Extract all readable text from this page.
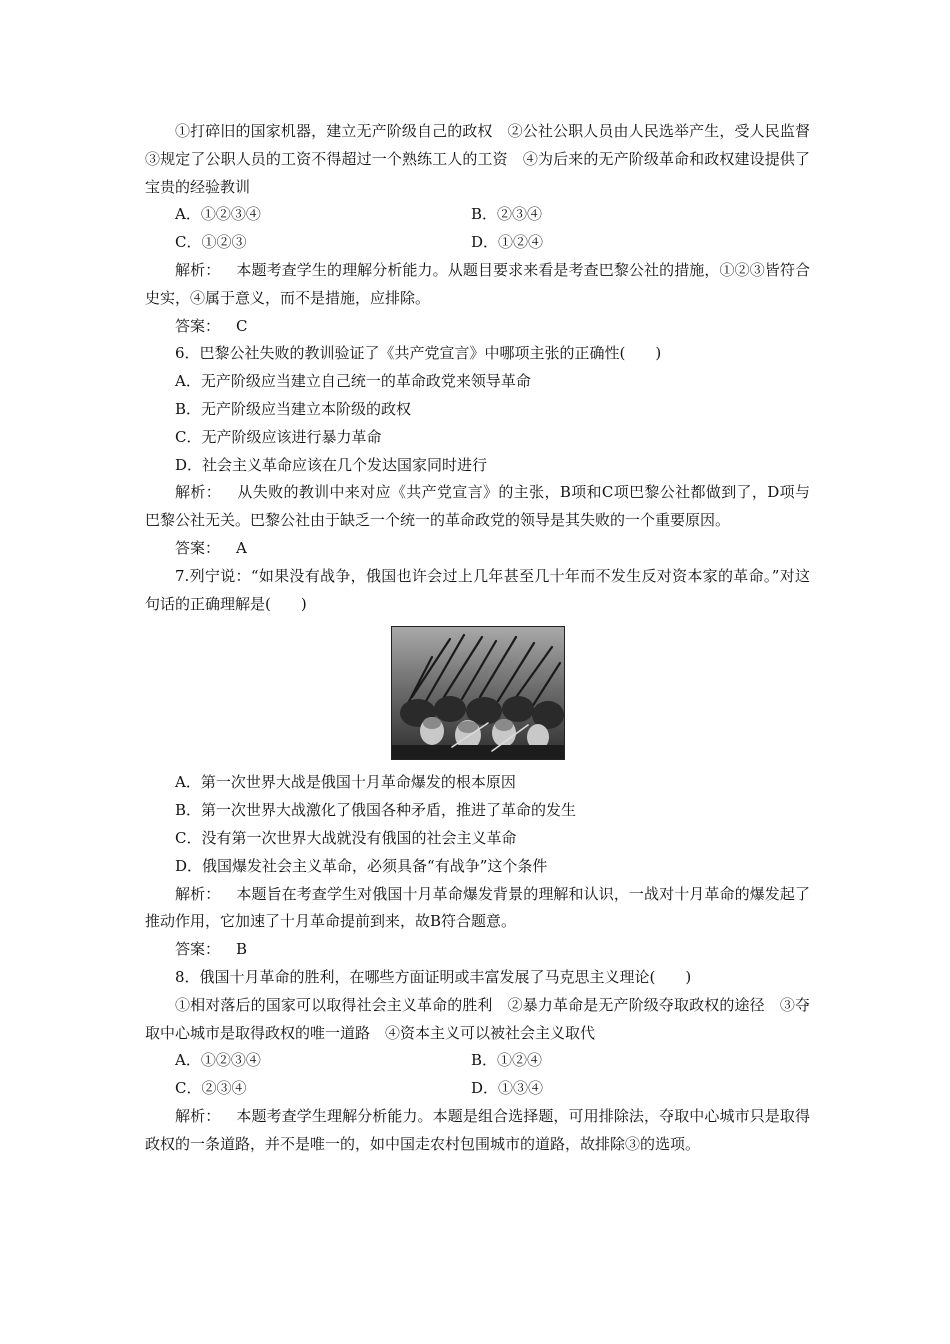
①打碎旧的国家机器，建立无产阶级自己的政权　②公社公职人员由人民选举产生，受人民监督　③规定了公职人员的工资不得超过一个熟练工人的工资　④为后来的无产阶级革命和政权建设提供了宝贵的经验教训

A．①②③④	B．②③④
C．①②③	D．①②④

解析： 本题考查学生的理解分析能力。从题目要求来看是考查巴黎公社的措施，①②③皆符合史实，④属于意义，而不是措施，应排除。

答案： C

6．巴黎公社失败的教训验证了《共产党宣言》中哪项主张的正确性(　　)

A．无产阶级应当建立自己统一的革命政党来领导革命

B．无产阶级应当建立本阶级的政权

C．无产阶级应该进行暴力革命

D．社会主义革命应该在几个发达国家同时进行

解析： 从失败的教训中来对应《共产党宣言》的主张，B项和C项巴黎公社都做到了，D项与巴黎公社无关。巴黎公社由于缺乏一个统一的革命政党的领导是其失败的一个重要原因。

答案： A

7.列宁说：“如果没有战争，俄国也许会过上几年甚至几十年而不发生反对资本家的革命。”对这句话的正确理解是(　　)

A．第一次世界大战是俄国十月革命爆发的根本原因

B．第一次世界大战激化了俄国各种矛盾，推进了革命的发生

C．没有第一次世界大战就没有俄国的社会主义革命

D．俄国爆发社会主义革命，必须具备“有战争”这个条件

解析： 本题旨在考查学生对俄国十月革命爆发背景的理解和认识，一战对十月革命的爆发起了推动作用，它加速了十月革命提前到来，故B符合题意。

答案： B

8．俄国十月革命的胜利，在哪些方面证明或丰富发展了马克思主义理论(　　)

①相对落后的国家可以取得社会主义革命的胜利　②暴力革命是无产阶级夺取政权的途径　③夺取中心城市是取得政权的唯一道路　④资本主义可以被社会主义取代

A．①②③④	B．①②④
C．②③④	D．①③④

解析： 本题考查学生理解分析能力。本题是组合选择题，可用排除法，夺取中心城市只是取得政权的一条道路，并不是唯一的，如中国走农村包围城市的道路，故排除③的选项。
